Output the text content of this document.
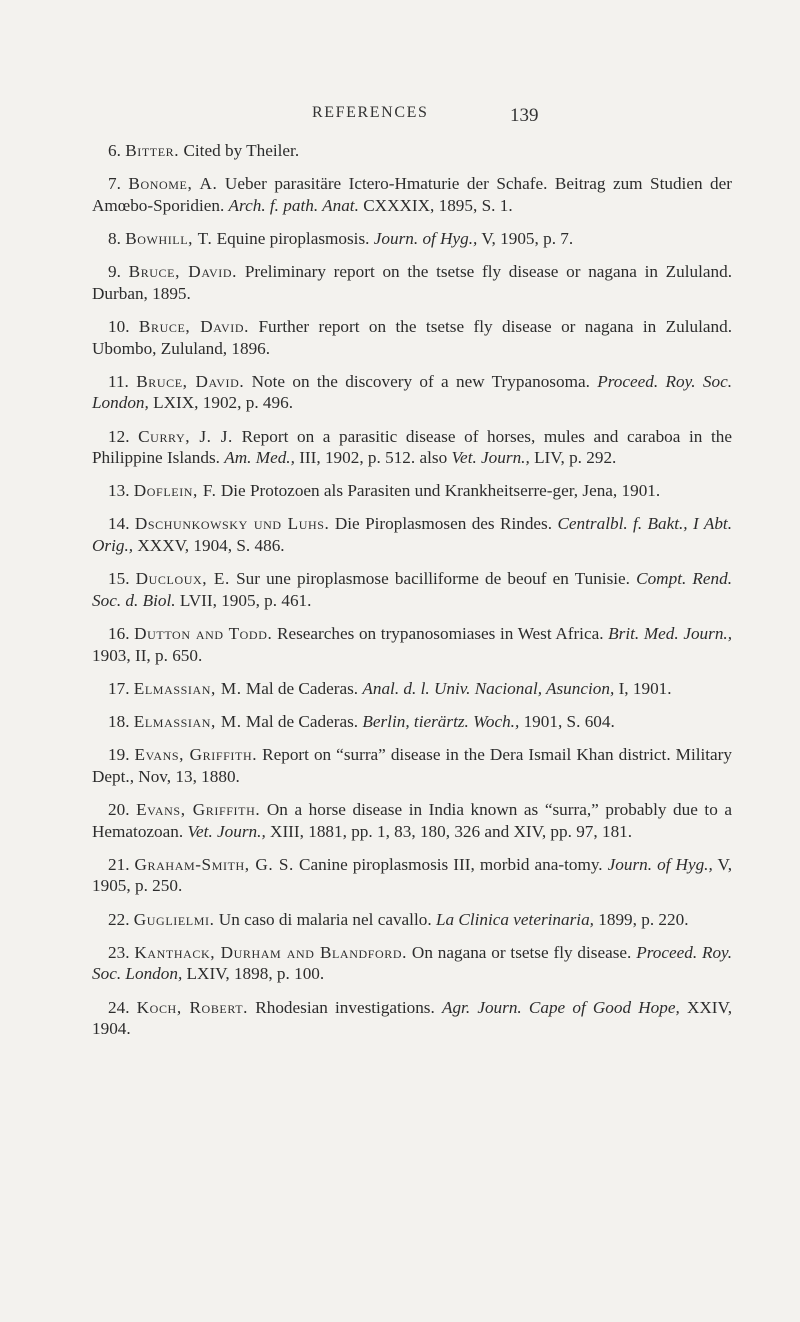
REFERENCES	139

6. Bitter. Cited by Theiler.

7. Bonome, A. Ueber parasitäre Ictero-Hmaturie der Schafe. Beitrag zum Studien der Amœbo-Sporidien. Arch. f. path. Anat. CXXXIX, 1895, S. 1.

8. Bowhill, T. Equine piroplasmosis. Journ. of Hyg., V, 1905, p. 7.

9. Bruce, David. Preliminary report on the tsetse fly disease or nagana in Zululand. Durban, 1895.

10. Bruce, David. Further report on the tsetse fly disease or nagana in Zululand. Ubombo, Zululand, 1896.

11. Bruce, David. Note on the discovery of a new Trypanosoma. Proceed. Roy. Soc. London, LXIX, 1902, p. 496.

12. Curry, J. J. Report on a parasitic disease of horses, mules and caraboa in the Philippine Islands. Am. Med., III, 1902, p. 512. also Vet. Journ., LIV, p. 292.

13. Doflein, F. Die Protozoen als Parasiten und Krankheitserre-ger, Jena, 1901.

14. Dschunkowsky und Luhs. Die Piroplasmosen des Rindes. Centralbl. f. Bakt., I Abt. Orig., XXXV, 1904, S. 486.

15. Ducloux, E. Sur une piroplasmose bacilliforme de beouf en Tunisie. Compt. Rend. Soc. d. Biol. LVII, 1905, p. 461.

16. Dutton and Todd. Researches on trypanosomiases in West Africa. Brit. Med. Journ., 1903, II, p. 650.

17. Elmassian, M. Mal de Caderas. Anal. d. l. Univ. Nacional, Asuncion, I, 1901.

18. Elmassian, M. Mal de Caderas. Berlin, tierärtz. Woch., 1901, S. 604.

19. Evans, Griffith. Report on “surra” disease in the Dera Ismail Khan district. Military Dept., Nov, 13, 1880.

20. Evans, Griffith. On a horse disease in India known as “surra,” probably due to a Hematozoan. Vet. Journ., XIII, 1881, pp. 1, 83, 180, 326 and XIV, pp. 97, 181.

21. Graham-Smith, G. S. Canine piroplasmosis III, morbid ana-tomy. Journ. of Hyg., V, 1905, p. 250.

22. Guglielmi. Un caso di malaria nel cavallo. La Clinica veterinaria, 1899, p. 220.

23. Kanthack, Durham and Blandford. On nagana or tsetse fly disease. Proceed. Roy. Soc. London, LXIV, 1898, p. 100.

24. Koch, Robert. Rhodesian investigations. Agr. Journ. Cape of Good Hope, XXIV, 1904.
